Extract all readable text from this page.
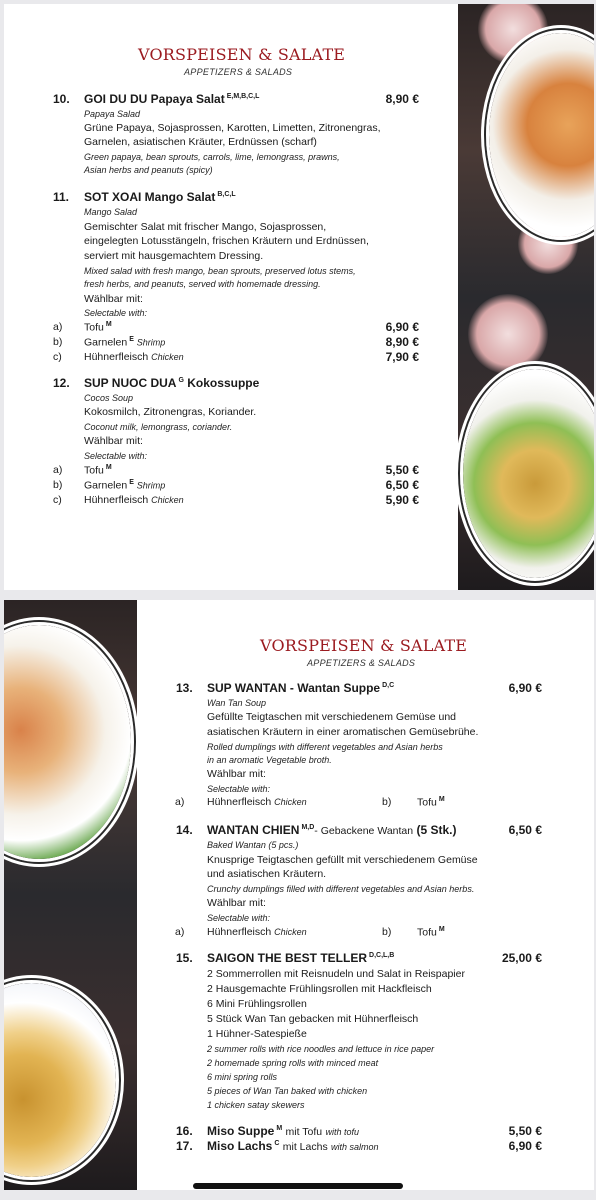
VORSPEISEN & SALATE
APPETIZERS & SALADS
10. GOI DU DU Papaya Salat $^{E,M,B,C,L}$	8,90 €
Papaya Salad
Grüne Papaya, Sojasprossen, Karotten, Limetten, Zitronengras,
Garnelen, asiatischen Kräuter, Erdnüssen (scharf)
Green papaya, bean sprouts, carrols, lime, lemongrass, prawns,
Asian herbs and peanuts (spicy)
11. SOT XOAI Mango Salat $^{B,C,L}$
Mango Salad
Gemischter Salat mit frischer Mango, Sojasprossen,
eingelegten Lotusstängeln, frischen Kräutern und Erdnüssen,
serviert mit hausgemachtem Dressing.
Mixed salad with fresh mango, bean sprouts, preserved lotus stems,
fresh herbs, and peanuts, served with homemade dressing.
Wählbar mit:
Selectable with:
a) Tofu $^M$	6,90 €
b) Garnelen $^E$ Shrimp	8,90 €
c) Hühnerfleisch Chicken	7,90 €
12. SUP NUOC DUA $^G$ Kokossuppe
Cocos Soup
Kokosmilch, Zitronengras, Koriander.
Coconut milk, lemongrass, coriander.
Wählbar mit:
Selectable with:
a) Tofu $^M$	5,50 €
b) Garnelen $^E$ Shrimp	6,50 €
c) Hühnerfleisch Chicken	5,90 €
VORSPEISEN & SALATE
APPETIZERS & SALADS
13. SUP WANTAN - Wantan Suppe $^{D,C}$	6,90 €
Wan Tan Soup
Gefüllte Teigtaschen mit verschiedenem Gemüse und
asiatischen Kräutern in einer aromatischen Gemüsebrühe.
Rolled dumplings with different vegetables and Asian herbs
in an aromatic Vegetable broth.
Wählbar mit:
Selectable with:
a) Hühnerfleisch Chicken	b) Tofu $^M$
14. WANTAN CHIEN $^{M,D}$- Gebackene Wantan (5 Stk.)	6,50 €
Baked Wantan (5 pcs.)
Knusprige Teigtaschen gefüllt mit verschiedenem Gemüse
und asiatischen Kräutern.
Crunchy dumplings filled with different vegetables and Asian herbs.
Wählbar mit:
Selectable with:
a) Hühnerfleisch Chicken	b) Tofu $^M$
15. SAIGON THE BEST TELLER $^{D,C,L,B}$	25,00 €
2 Sommerrollen mit Reisnudeln und Salat in Reispapier
2 Hausgemachte Frühlingsrollen mit Hackfleisch
6 Mini Frühlingsrollen
5 Stück Wan Tan gebacken mit Hühnerfleisch
1 Hühner-Satespieße
2 summer rolls with rice noodles and lettuce in rice paper
2 homemade spring rolls with minced meat
6 mini spring rolls
5 pieces of Wan Tan baked with chicken
1 chicken satay skewers
16. Miso Suppe $^M$ mit Tofu with tofu	5,50 €
17. Miso Lachs $^C$ mit Lachs with salmon	6,90 €
